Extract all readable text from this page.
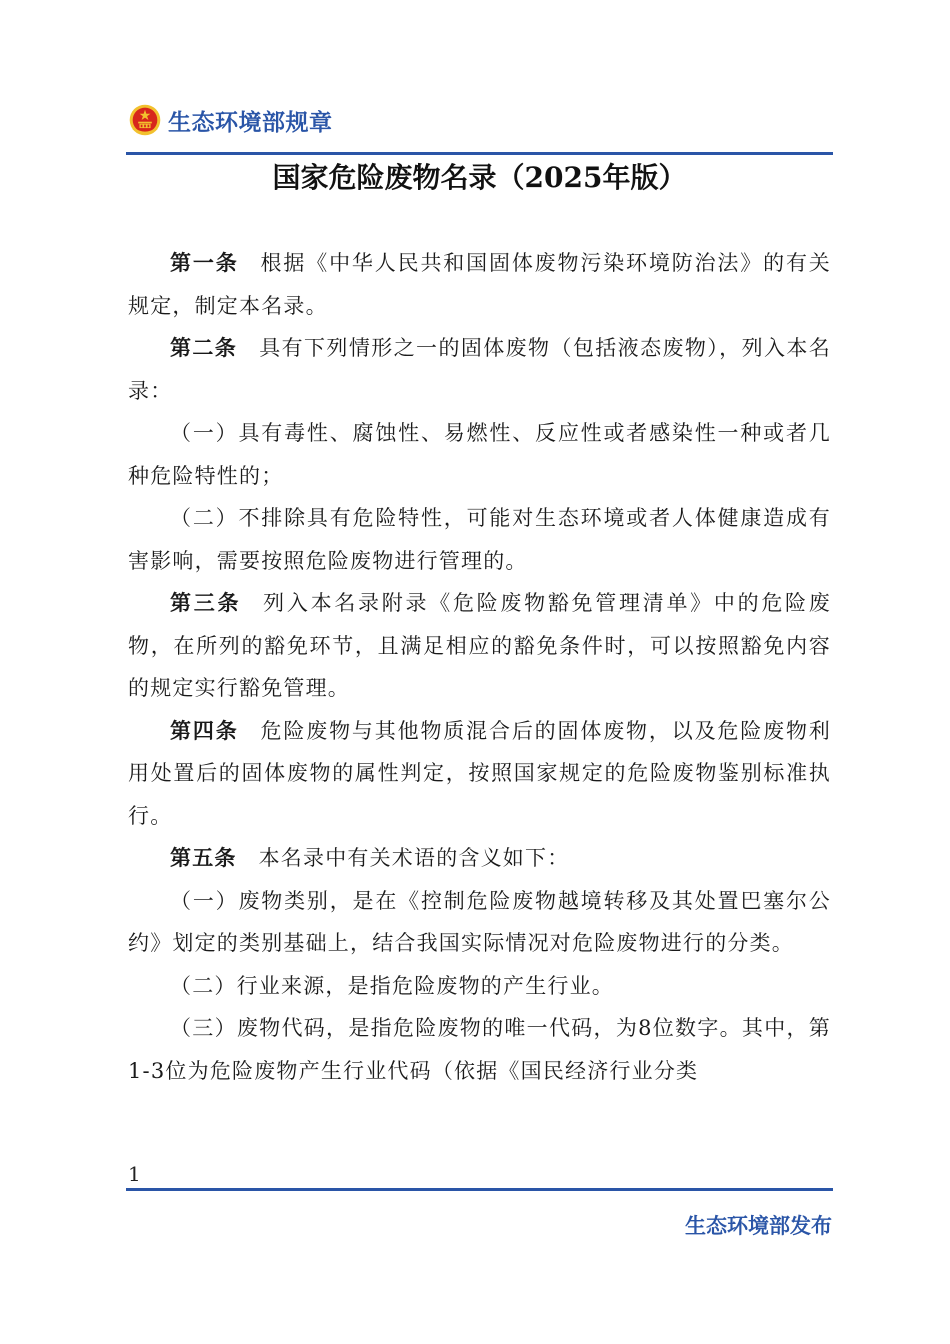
生态环境部规章
国家危险废物名录（2025年版）

第一条 根据《中华人民共和国固体废物污染环境防治法》的有关规定，制定本名录。

第二条 具有下列情形之一的固体废物（包括液态废物），列入本名录：

（一）具有毒性、腐蚀性、易燃性、反应性或者感染性一种或者几种危险特性的；

（二）不排除具有危险特性，可能对生态环境或者人体健康造成有害影响，需要按照危险废物进行管理的。

第三条 列入本名录附录《危险废物豁免管理清单》中的危险废物，在所列的豁免环节，且满足相应的豁免条件时，可以按照豁免内容的规定实行豁免管理。

第四条 危险废物与其他物质混合后的固体废物，以及危险废物利用处置后的固体废物的属性判定，按照国家规定的危险废物鉴别标准执行。

第五条 本名录中有关术语的含义如下：

（一）废物类别，是在《控制危险废物越境转移及其处置巴塞尔公约》划定的类别基础上，结合我国实际情况对危险废物进行的分类。

（二）行业来源，是指危险废物的产生行业。

（三）废物代码，是指危险废物的唯一代码，为8位数字。其中，第1-3位为危险废物产生行业代码（依据《国民经济行业分类

1
生态环境部发布
